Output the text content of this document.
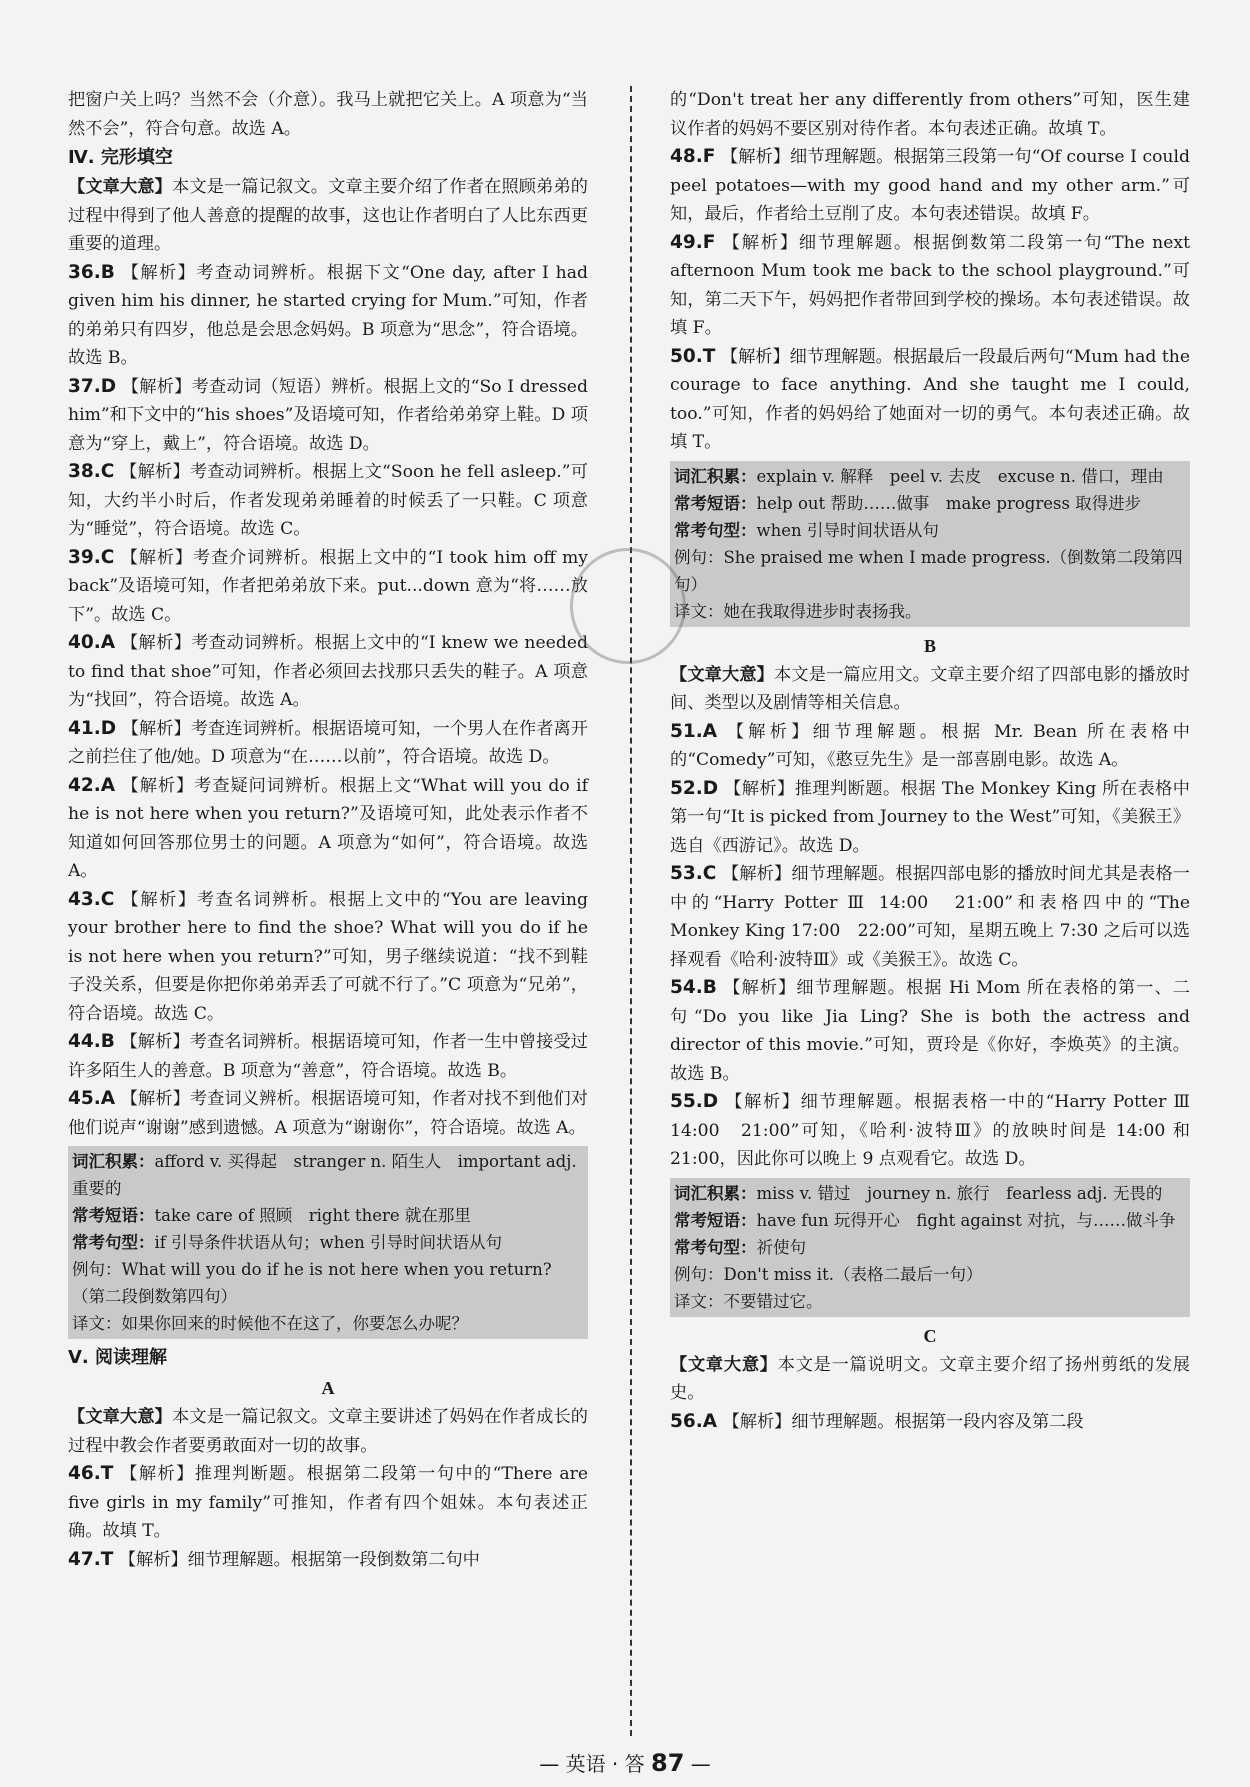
把窗户关上吗？当然不会（介意）。我马上就把它关上。A 项意为“当然不会”，符合句意。故选 A。

Ⅳ. 完形填空

【文章大意】本文是一篇记叙文。文章主要介绍了作者在照顾弟弟的过程中得到了他人善意的提醒的故事，这也让作者明白了人比东西更重要的道理。

36.B 【解析】考查动词辨析。根据下文“One day, after I had given him his dinner, he started crying for Mum.”可知，作者的弟弟只有四岁，他总是会思念妈妈。B 项意为“思念”，符合语境。故选 B。

37.D 【解析】考查动词（短语）辨析。根据上文的“So I dressed him”和下文中的“his shoes”及语境可知，作者给弟弟穿上鞋。D 项意为“穿上，戴上”，符合语境。故选 D。

38.C 【解析】考查动词辨析。根据上文“Soon he fell asleep.”可知，大约半小时后，作者发现弟弟睡着的时候丢了一只鞋。C 项意为“睡觉”，符合语境。故选 C。

39.C 【解析】考查介词辨析。根据上文中的“I took him off my back”及语境可知，作者把弟弟放下来。put...down 意为“将……放下”。故选 C。

40.A 【解析】考查动词辨析。根据上文中的“I knew we needed to find that shoe”可知，作者必须回去找那只丢失的鞋子。A 项意为“找回”，符合语境。故选 A。

41.D 【解析】考查连词辨析。根据语境可知，一个男人在作者离开之前拦住了他/她。D 项意为“在……以前”，符合语境。故选 D。

42.A 【解析】考查疑问词辨析。根据上文“What will you do if he is not here when you return?”及语境可知，此处表示作者不知道如何回答那位男士的问题。A 项意为“如何”，符合语境。故选 A。

43.C 【解析】考查名词辨析。根据上文中的“You are leaving your brother here to find the shoe? What will you do if he is not here when you return?”可知，男子继续说道：“找不到鞋子没关系，但要是你把你弟弟弄丢了可就不行了。”C 项意为“兄弟”，符合语境。故选 C。

44.B 【解析】考查名词辨析。根据语境可知，作者一生中曾接受过许多陌生人的善意。B 项意为“善意”，符合语境。故选 B。

45.A 【解析】考查词义辨析。根据语境可知，作者对找不到他们对他们说声“谢谢”感到遗憾。A 项意为“谢谢你”，符合语境。故选 A。

词汇积累：afford v. 买得起　stranger n. 陌生人　important adj. 重要的

常考短语：take care of 照顾　right there 就在那里

常考句型：if 引导条件状语从句；when 引导时间状语从句

例句：What will you do if he is not here when you return?（第二段倒数第四句）

译文：如果你回来的时候他不在这了，你要怎么办呢？

Ⅴ. 阅读理解

A

【文章大意】本文是一篇记叙文。文章主要讲述了妈妈在作者成长的过程中教会作者要勇敢面对一切的故事。

46.T 【解析】推理判断题。根据第二段第一句中的“There are five girls in my family”可推知，作者有四个姐妹。本句表述正确。故填 T。

47.T 【解析】细节理解题。根据第一段倒数第二句中

的“Don't treat her any differently from others”可知，医生建议作者的妈妈不要区别对待作者。本句表述正确。故填 T。

48.F 【解析】细节理解题。根据第三段第一句“Of course I could peel potatoes—with my good hand and my other arm.”可知，最后，作者给土豆削了皮。本句表述错误。故填 F。

49.F 【解析】细节理解题。根据倒数第二段第一句“The next afternoon Mum took me back to the school playground.”可知，第二天下午，妈妈把作者带回到学校的操场。本句表述错误。故填 F。

50.T 【解析】细节理解题。根据最后一段最后两句“Mum had the courage to face anything. And she taught me I could, too.”可知，作者的妈妈给了她面对一切的勇气。本句表述正确。故填 T。

词汇积累：explain v. 解释　peel v. 去皮　excuse n. 借口，理由

常考短语：help out 帮助……做事　make progress 取得进步

常考句型：when 引导时间状语从句

例句：She praised me when I made progress.（倒数第二段第四句）

译文：她在我取得进步时表扬我。

B

【文章大意】本文是一篇应用文。文章主要介绍了四部电影的播放时间、类型以及剧情等相关信息。

51.A 【解析】细节理解题。根据 Mr. Bean 所在表格中的“Comedy”可知，《憨豆先生》是一部喜剧电影。故选 A。

52.D 【解析】推理判断题。根据 The Monkey King 所在表格中第一句“It is picked from Journey to the West”可知，《美猴王》选自《西游记》。故选 D。

53.C 【解析】细节理解题。根据四部电影的播放时间尤其是表格一中的“Harry Potter Ⅲ 14:00　21:00”和表格四中的“The Monkey King 17:00　22:00”可知，星期五晚上 7:30 之后可以选择观看《哈利·波特Ⅲ》或《美猴王》。故选 C。

54.B 【解析】细节理解题。根据 Hi Mom 所在表格的第一、二句“Do you like Jia Ling? She is both the actress and director of this movie.”可知，贾玲是《你好，李焕英》的主演。故选 B。

55.D 【解析】细节理解题。根据表格一中的“Harry Potter Ⅲ 14:00　21:00”可知，《哈利·波特Ⅲ》的放映时间是 14:00 和 21:00，因此你可以晚上 9 点观看它。故选 D。

词汇积累：miss v. 错过　journey n. 旅行　fearless adj. 无畏的

常考短语：have fun 玩得开心　fight against 对抗，与……做斗争

常考句型：祈使句

例句：Don't miss it.（表格二最后一句）

译文：不要错过它。

C

【文章大意】本文是一篇说明文。文章主要介绍了扬州剪纸的发展史。

56.A 【解析】细节理解题。根据第一段内容及第二段

— 英语 · 答 87 —
